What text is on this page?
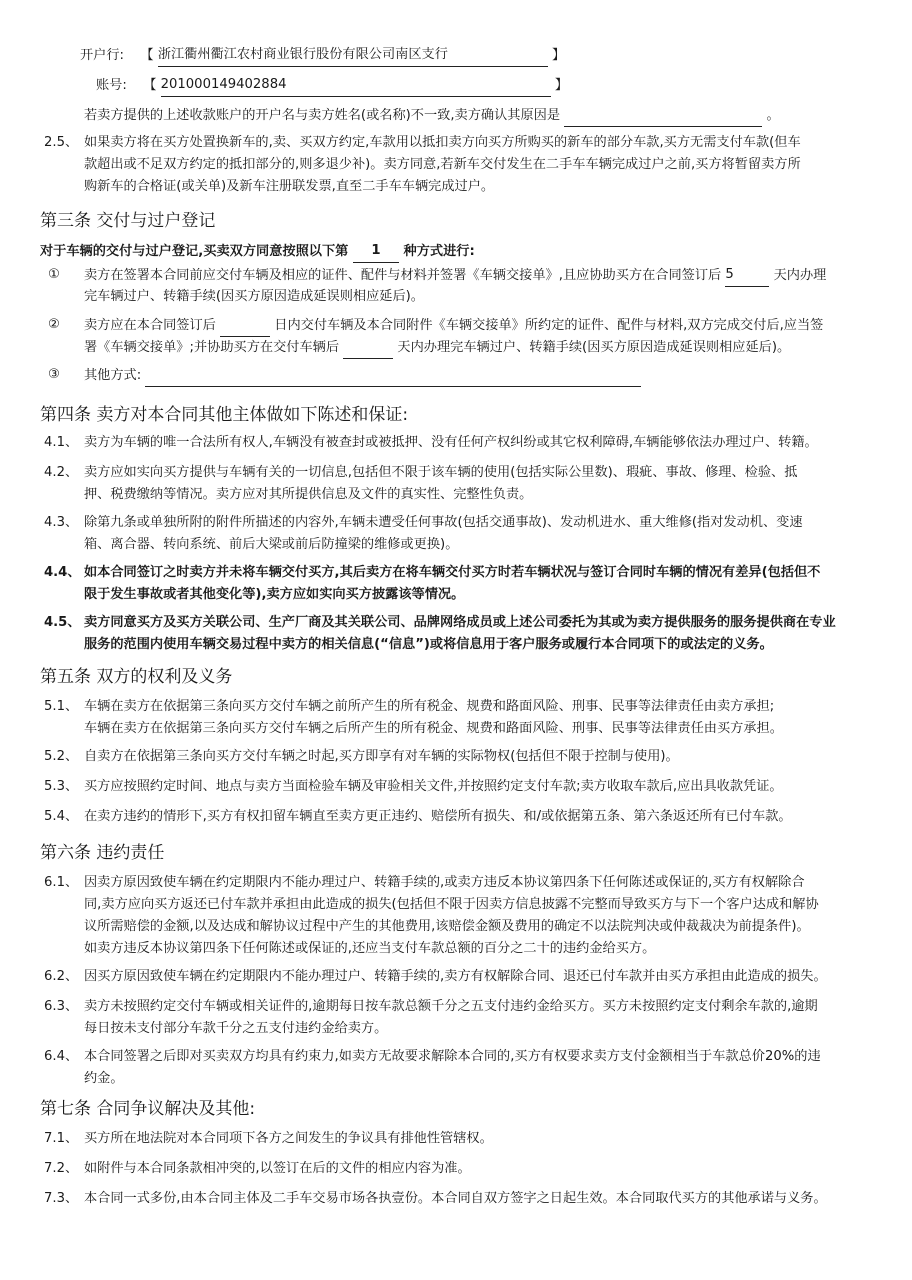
开户行: 【 浙江衢州衢江农村商业银行股份有限公司南区支行	】
账号: 【 201000149402884	】
若卖方提供的上述收款账户的开户名与卖方姓名(或名称)不一致,卖方确认其原因是	。
2.5、 如果卖方将在买方处置换新车的,卖、买双方约定,车款用以抵扣卖方向买方所购买的新车的部分车款,买方无需支付车款(但车
款超出或不足双方约定的抵扣部分的,则多退少补)。卖方同意,若新车交付发生在二手车车辆完成过户之前,买方将暂留卖方所
购新车的合格证(或关单)及新车注册联发票,直至二手车车辆完成过户。
第三条 交付与过户登记
对于车辆的交付与过户登记,买卖双方同意按照以下第 1 种方式进行:
① 卖方在签署本合同前应交付车辆及相应的证件、配件与材料并签署《车辆交接单》,且应协助买方在合同签订后 5	天内办理
完车辆过户、转籍手续(因买方原因造成延误则相应延后)。
② 卖方应在本合同签订后	日内交付车辆及本合同附件《车辆交接单》所约定的证件、配件与材料,双方完成交付后,应当签
署《车辆交接单》;并协助买方在交付车辆后	天内办理完车辆过户、转籍手续(因买方原因造成延误则相应延后)。
③ 其他方式:
第四条 卖方对本合同其他主体做如下陈述和保证:
4.1、 卖方为车辆的唯一合法所有权人,车辆没有被查封或被抵押、没有任何产权纠纷或其它权利障碍,车辆能够依法办理过户、转籍。
4.2、 卖方应如实向买方提供与车辆有关的一切信息,包括但不限于该车辆的使用(包括实际公里数)、瑕疵、事故、修理、检验、抵
押、税费缴纳等情况。卖方应对其所提供信息及文件的真实性、完整性负责。
4.3、 除第九条或单独所附的附件所描述的内容外,车辆未遭受任何事故(包括交通事故)、发动机进水、重大维修(指对发动机、变速
箱、离合器、转向系统、前后大梁或前后防撞梁的维修或更换)。
4.4、 如本合同签订之时卖方并未将车辆交付买方,其后卖方在将车辆交付买方时若车辆状况与签订合同时车辆的情况有差异(包括但不
限于发生事故或者其他变化等),卖方应如实向买方披露该等情况。
4.5、 卖方同意买方及买方关联公司、生产厂商及其关联公司、品牌网络成员或上述公司委托为其或为卖方提供服务的服务提供商在专业
服务的范围内使用车辆交易过程中卖方的相关信息(“信息”)或将信息用于客户服务或履行本合同项下的或法定的义务。
第五条 双方的权利及义务
5.1、 车辆在卖方在依据第三条向买方交付车辆之前所产生的所有税金、规费和路面风险、刑事、民事等法律责任由卖方承担;
车辆在卖方在依据第三条向买方交付车辆之后所产生的所有税金、规费和路面风险、刑事、民事等法律责任由买方承担。
5.2、 自卖方在依据第三条向买方交付车辆之时起,买方即享有对车辆的实际物权(包括但不限于控制与使用)。
5.3、 买方应按照约定时间、地点与卖方当面检验车辆及审验相关文件,并按照约定支付车款;卖方收取车款后,应出具收款凭证。
5.4、 在卖方违约的情形下,买方有权扣留车辆直至卖方更正违约、赔偿所有损失、和/或依据第五条、第六条返还所有已付车款。
第六条 违约责任
6.1、 因卖方原因致使车辆在约定期限内不能办理过户、转籍手续的,或卖方违反本协议第四条下任何陈述或保证的,买方有权解除合
同,卖方应向买方返还已付车款并承担由此造成的损失(包括但不限于因卖方信息披露不完整而导致买方与下一个客户达成和解协
议所需赔偿的金额,以及达成和解协议过程中产生的其他费用,该赔偿金额及费用的确定不以法院判决或仲裁裁决为前提条件)。
如卖方违反本协议第四条下任何陈述或保证的,还应当支付车款总额的百分之二十的违约金给买方。
6.2、 因买方原因致使车辆在约定期限内不能办理过户、转籍手续的,卖方有权解除合同、退还已付车款并由买方承担由此造成的损失。
6.3、 卖方未按照约定交付车辆或相关证件的,逾期每日按车款总额千分之五支付违约金给买方。买方未按照约定支付剩余车款的,逾期
每日按未支付部分车款千分之五支付违约金给卖方。
6.4、 本合同签署之后即对买卖双方均具有约束力,如卖方无故要求解除本合同的,买方有权要求卖方支付金额相当于车款总价20%的违
约金。
第七条 合同争议解决及其他:
7.1、 买方所在地法院对本合同项下各方之间发生的争议具有排他性管辖权。
7.2、 如附件与本合同条款相冲突的,以签订在后的文件的相应内容为准。
7.3、 本合同一式多份,由本合同主体及二手车交易市场各执壹份。本合同自双方签字之日起生效。本合同取代买方的其他承诺与义务。
